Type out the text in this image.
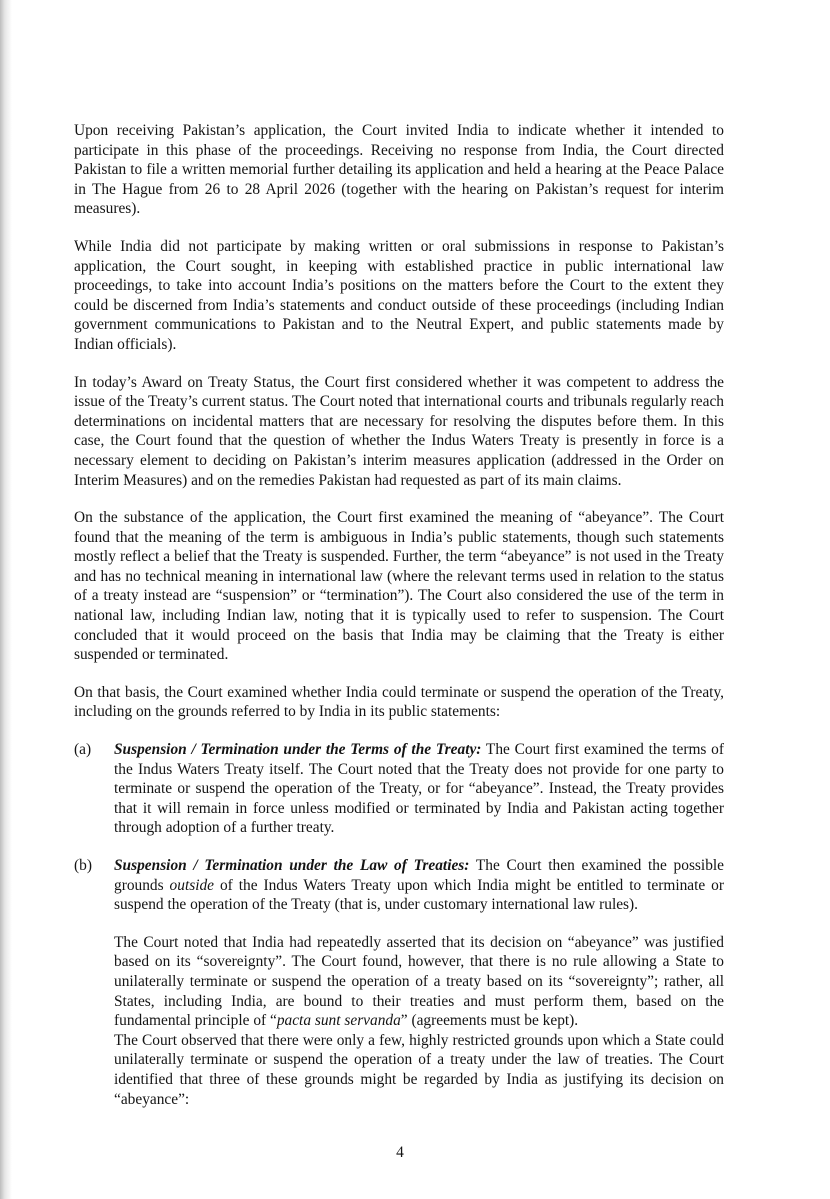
Upon receiving Pakistan’s application, the Court invited India to indicate whether it intended to participate in this phase of the proceedings. Receiving no response from India, the Court directed Pakistan to file a written memorial further detailing its application and held a hearing at the Peace Palace in The Hague from 26 to 28 April 2026 (together with the hearing on Pakistan’s request for interim measures).

While India did not participate by making written or oral submissions in response to Pakistan’s application, the Court sought, in keeping with established practice in public international law proceedings, to take into account India’s positions on the matters before the Court to the extent they could be discerned from India’s statements and conduct outside of these proceedings (including Indian government communications to Pakistan and to the Neutral Expert, and public statements made by Indian officials).

In today’s Award on Treaty Status, the Court first considered whether it was competent to address the issue of the Treaty’s current status. The Court noted that international courts and tribunals regularly reach determinations on incidental matters that are necessary for resolving the disputes before them. In this case, the Court found that the question of whether the Indus Waters Treaty is presently in force is a necessary element to deciding on Pakistan’s interim measures application (addressed in the Order on Interim Measures) and on the remedies Pakistan had requested as part of its main claims.

On the substance of the application, the Court first examined the meaning of “abeyance”. The Court found that the meaning of the term is ambiguous in India’s public statements, though such statements mostly reflect a belief that the Treaty is suspended. Further, the term “abeyance” is not used in the Treaty and has no technical meaning in international law (where the relevant terms used in relation to the status of a treaty instead are “suspension” or “termination”). The Court also considered the use of the term in national law, including Indian law, noting that it is typically used to refer to suspension. The Court concluded that it would proceed on the basis that India may be claiming that the Treaty is either suspended or terminated.

On that basis, the Court examined whether India could terminate or suspend the operation of the Treaty, including on the grounds referred to by India in its public statements:

(a) Suspension / Termination under the Terms of the Treaty: The Court first examined the terms of the Indus Waters Treaty itself. The Court noted that the Treaty does not provide for one party to terminate or suspend the operation of the Treaty, or for “abeyance”. Instead, the Treaty provides that it will remain in force unless modified or terminated by India and Pakistan acting together through adoption of a further treaty.
(b) Suspension / Termination under the Law of Treaties: The Court then examined the possible grounds outside of the Indus Waters Treaty upon which India might be entitled to terminate or suspend the operation of the Treaty (that is, under customary international law rules).

The Court noted that India had repeatedly asserted that its decision on “abeyance” was justified based on its “sovereignty”. The Court found, however, that there is no rule allowing a State to unilaterally terminate or suspend the operation of a treaty based on its “sovereignty”; rather, all States, including India, are bound to their treaties and must perform them, based on the fundamental principle of “pacta sunt servanda” (agreements must be kept).

The Court observed that there were only a few, highly restricted grounds upon which a State could unilaterally terminate or suspend the operation of a treaty under the law of treaties. The Court identified that three of these grounds might be regarded by India as justifying its decision on “abeyance”:

4
